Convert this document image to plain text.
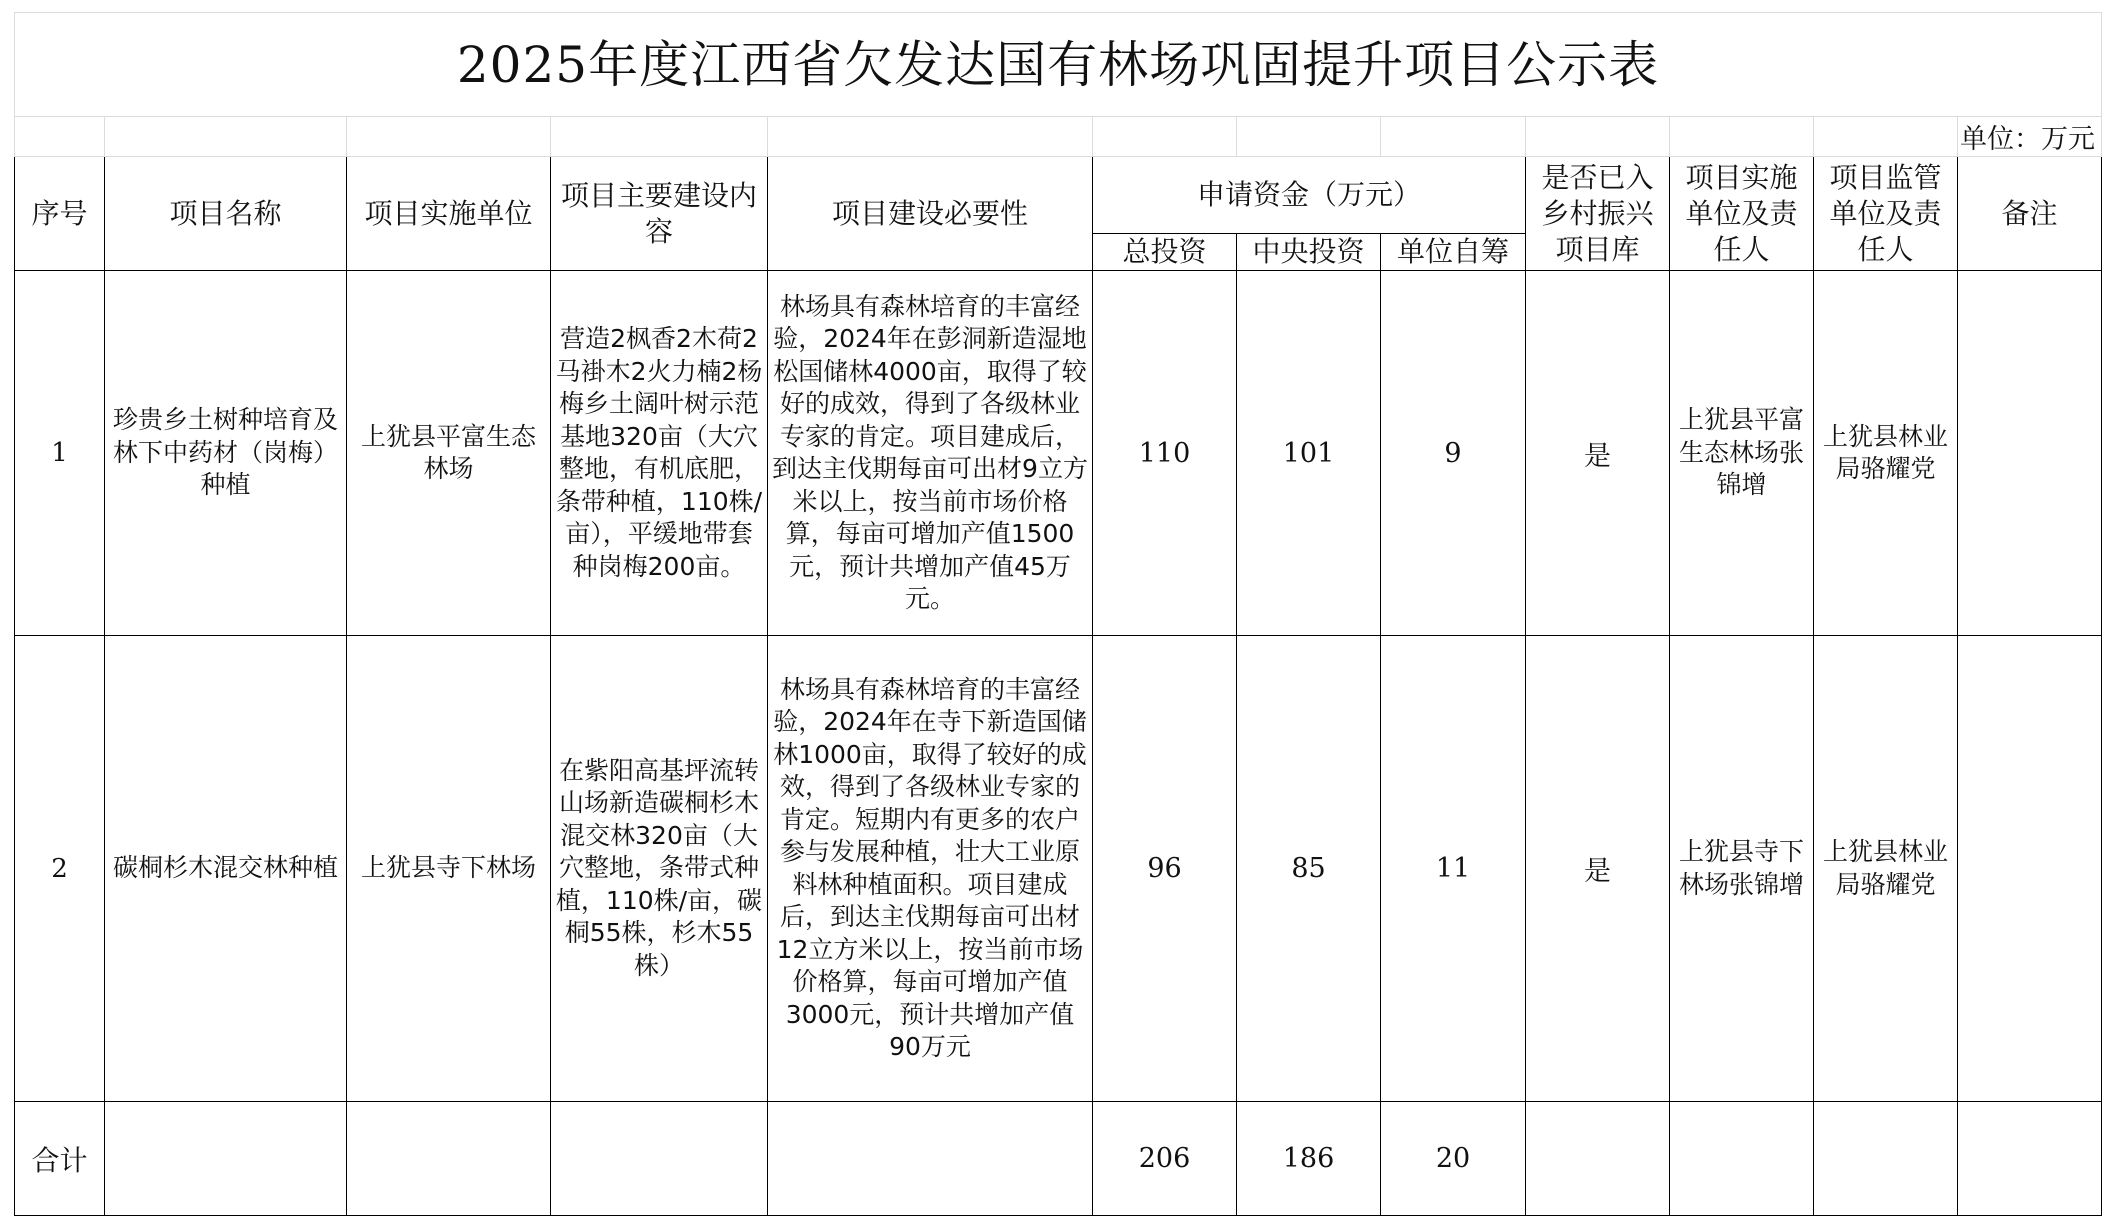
2025年度江西省欠发达国有林场巩固提升项目公示表											
											单位：万元
序号	项目名称	项目实施单位	项目主要建设内容	项目建设必要性	申请资金（万元）			是否已入乡村振兴项目库	项目实施单位及责任人	项目监管单位及责任人	备注
					总投资	中央投资	单位自筹				
1	珍贵乡土树种培育及林下中药材（岗梅）种植	上犹县平富生态林场	营造2枫香2木荷2马褂木2火力楠2杨梅乡土阔叶树示范基地320亩（大穴整地，有机底肥，条带种植，110株/亩），平缓地带套种岗梅200亩。	林场具有森林培育的丰富经验，2024年在彭洞新造湿地松国储林4000亩，取得了较好的成效，得到了各级林业专家的肯定。项目建成后，到达主伐期每亩可出材9立方米以上，按当前市场价格算，每亩可增加产值1500元，预计共增加产值45万元。	110	101	9	是	上犹县平富生态林场张锦增	上犹县林业局骆耀党	
2	碳桐杉木混交林种植	上犹县寺下林场	在紫阳高基坪流转山场新造碳桐杉木混交林320亩（大穴整地，条带式种植，110株/亩，碳桐55株，杉木55株）	林场具有森林培育的丰富经验，2024年在寺下新造国储林1000亩，取得了较好的成效，得到了各级林业专家的肯定。短期内有更多的农户参与发展种植，壮大工业原料林种植面积。项目建成后，到达主伐期每亩可出材12立方米以上，按当前市场价格算，每亩可增加产值3000元，预计共增加产值90万元	96	85	11	是	上犹县寺下林场张锦增	上犹县林业局骆耀党	
合计					206	186	20				
